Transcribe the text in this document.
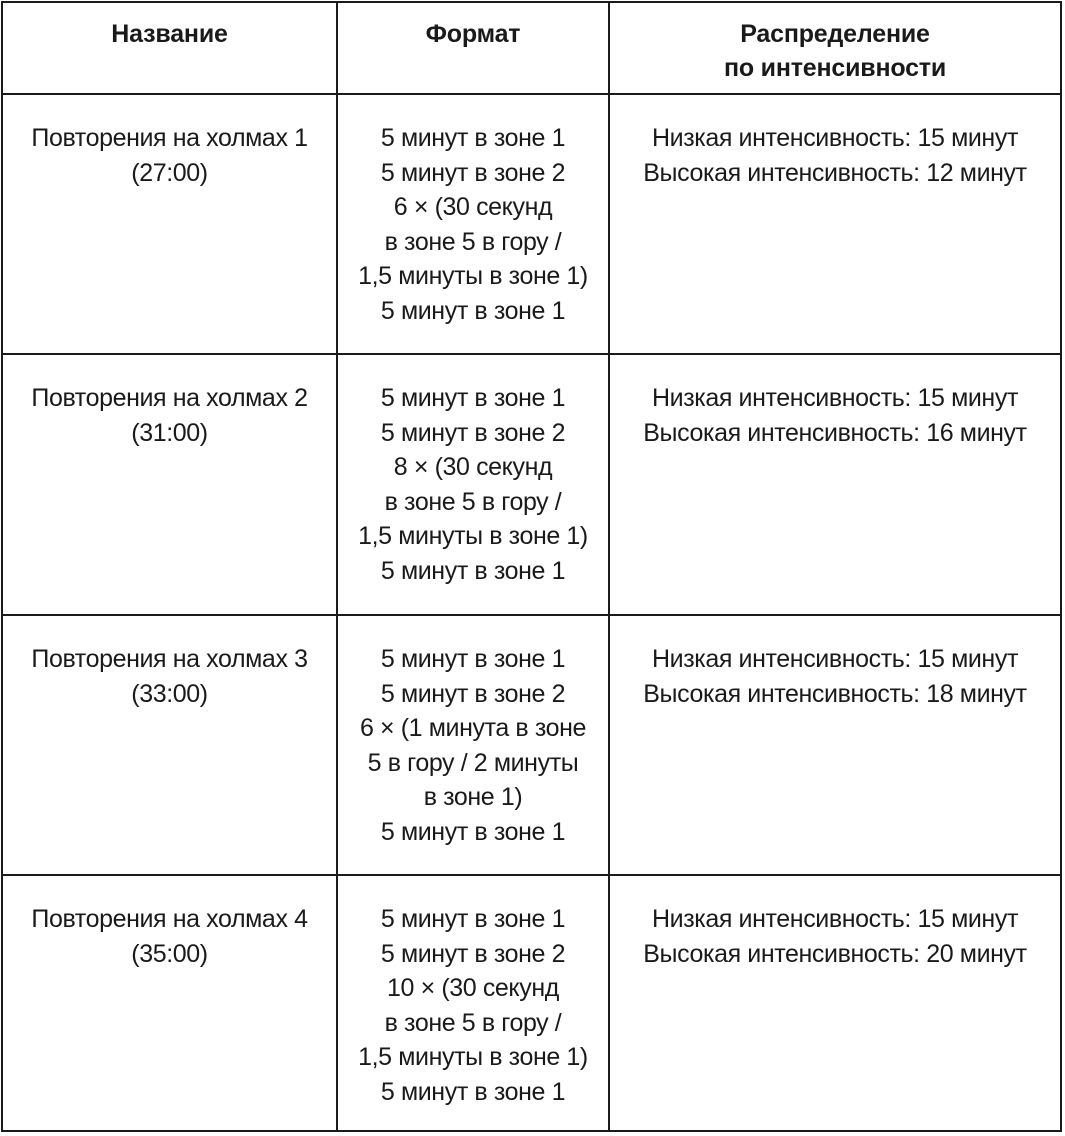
Название	Формат	Распределение
по интенсивности
Повторения на холмах 1
(27:00)
5 минут в зоне 1
5 минут в зоне 2
6 × (30 секунд
в зоне 5 в гору /
1,5 минуты в зоне 1)
5 минут в зоне 1
Низкая интенсивность: 15 минут
Высокая интенсивность: 12 минут
Повторения на холмах 2
(31:00)
5 минут в зоне 1
5 минут в зоне 2
8 × (30 секунд
в зоне 5 в гору /
1,5 минуты в зоне 1)
5 минут в зоне 1
Низкая интенсивность: 15 минут
Высокая интенсивность: 16 минут
Повторения на холмах 3
(33:00)
5 минут в зоне 1
5 минут в зоне 2
6 × (1 минута в зоне
5 в гору / 2 минуты
в зоне 1)
5 минут в зоне 1
Низкая интенсивность: 15 минут
Высокая интенсивность: 18 минут
Повторения на холмах 4
(35:00)
5 минут в зоне 1
5 минут в зоне 2
10 × (30 секунд
в зоне 5 в гору /
1,5 минуты в зоне 1)
5 минут в зоне 1
Низкая интенсивность: 15 минут
Высокая интенсивность: 20 минут
